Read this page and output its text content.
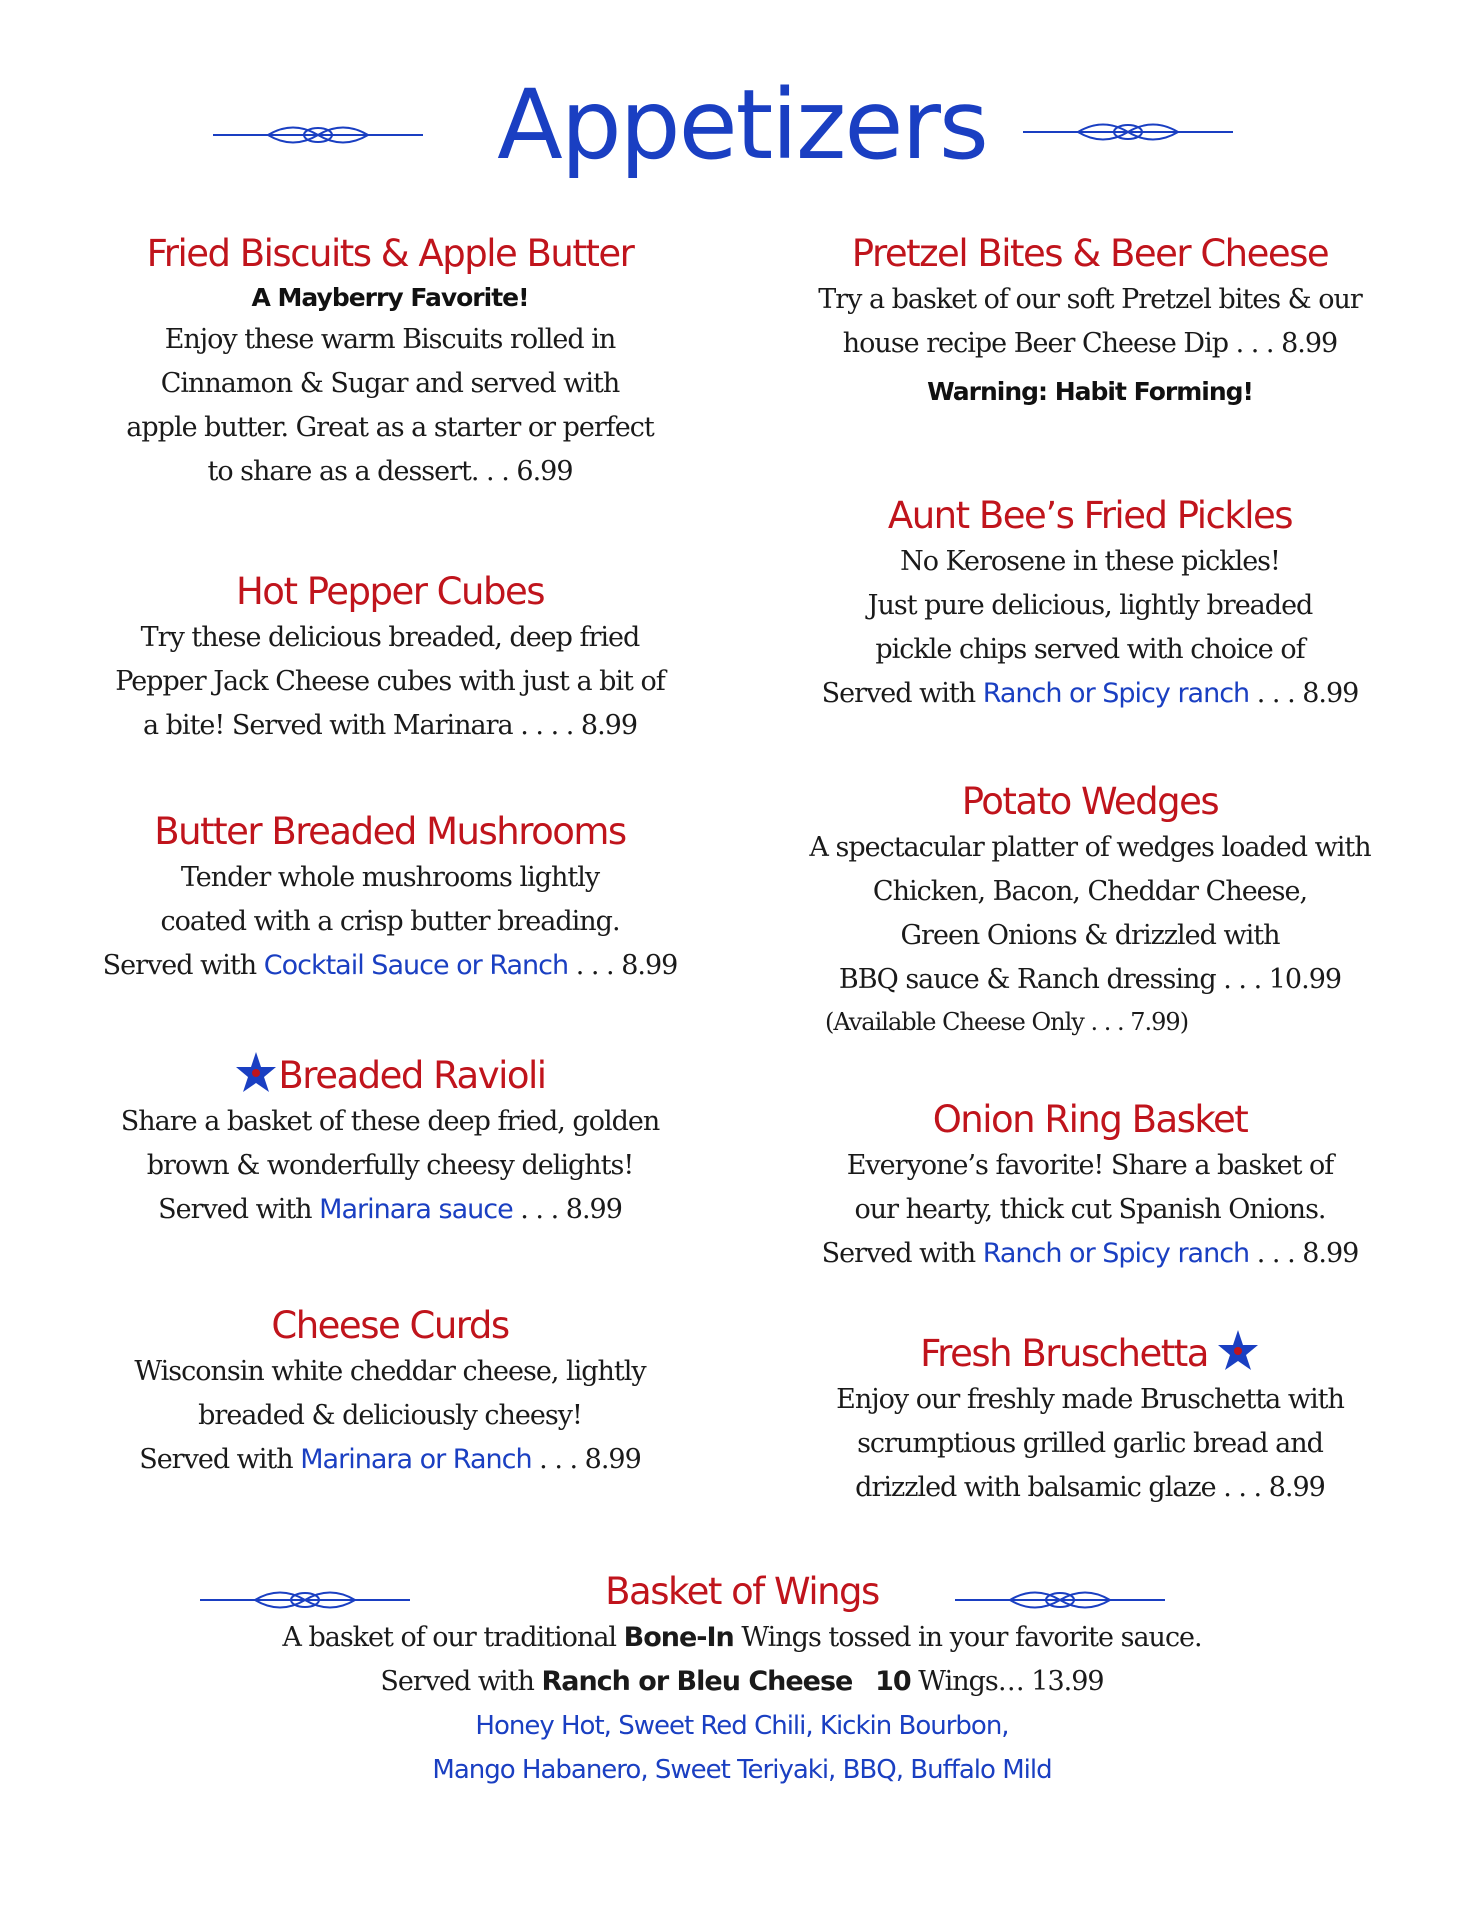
Appetizers
Fried Biscuits & Apple Butter
A Mayberry Favorite!
Enjoy these warm Biscuits rolled in
Cinnamon & Sugar and served with
apple butter. Great as a starter or perfect
to share as a dessert. . . 6.99
Hot Pepper Cubes
Try these delicious breaded, deep fried
Pepper Jack Cheese cubes with just a bit of
a bite! Served with Marinara . . . . 8.99
Butter Breaded Mushrooms
Tender whole mushrooms lightly
coated with a crisp butter breading.
Served with Cocktail Sauce or Ranch . . . 8.99
Breaded Ravioli
Share a basket of these deep fried, golden
brown & wonderfully cheesy delights!
Served with Marinara sauce . . . 8.99
Cheese Curds
Wisconsin white cheddar cheese, lightly
breaded & deliciously cheesy!
Served with Marinara or Ranch . . . 8.99
Pretzel Bites & Beer Cheese
Try a basket of our soft Pretzel bites & our
house recipe Beer Cheese Dip . . . 8.99
Warning: Habit Forming!
Aunt Bee’s Fried Pickles
No Kerosene in these pickles!
Just pure delicious, lightly breaded
pickle chips served with choice of
Served with Ranch or Spicy ranch . . . 8.99
Potato Wedges
A spectacular platter of wedges loaded with
Chicken, Bacon, Cheddar Cheese,
Green Onions & drizzled with
BBQ sauce & Ranch dressing . . . 10.99
(Available Cheese Only . . . 7.99)
Onion Ring Basket
Everyone’s favorite! Share a basket of
our hearty, thick cut Spanish Onions.
Served with Ranch or Spicy ranch . . . 8.99
Fresh Bruschetta
Enjoy our freshly made Bruschetta with
scrumptious grilled garlic bread and
drizzled with balsamic glaze . . . 8.99
Basket of Wings
A basket of our traditional Bone-In Wings tossed in your favorite sauce.
Served with Ranch or Bleu Cheese 10 Wings… 13.99
Honey Hot, Sweet Red Chili, Kickin Bourbon,
Mango Habanero, Sweet Teriyaki, BBQ, Buffalo Mild
